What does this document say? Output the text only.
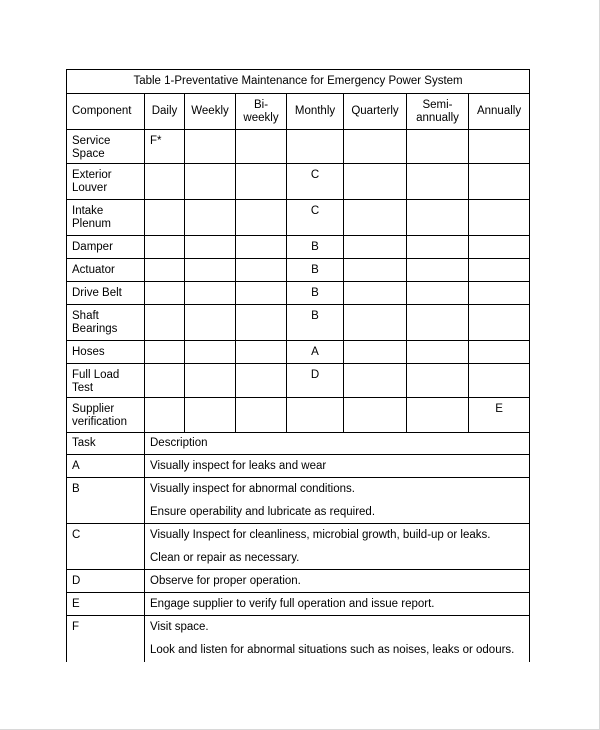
Table 1-Preventative Maintenance for Emergency Power System							
Component	Daily	Weekly	Bi-
weekly	Monthly	Quarterly	Semi-
annually	Annually
Service
Space	F*						
Exterior
Louver				C			
Intake
Plenum				C			
Damper				B			
Actuator				B			
Drive Belt				B			
Shaft
Bearings				B			
Hoses				A			
Full Load
Test				D			
Supplier
verification							E
Task	Description						
A	Visually inspect for leaks and wear						

B	Visually inspect for abnormal conditions.
Ensure operability and lubricate as required.						

C	Visually Inspect for cleanliness, microbial growth, build-up or leaks.
Clean or repair as necessary.						

D	Observe for proper operation.						

E	Engage supplier to verify full operation and issue report.						

F	Visit space.
Look and listen for abnormal situations such as noises, leaks or odours.						
